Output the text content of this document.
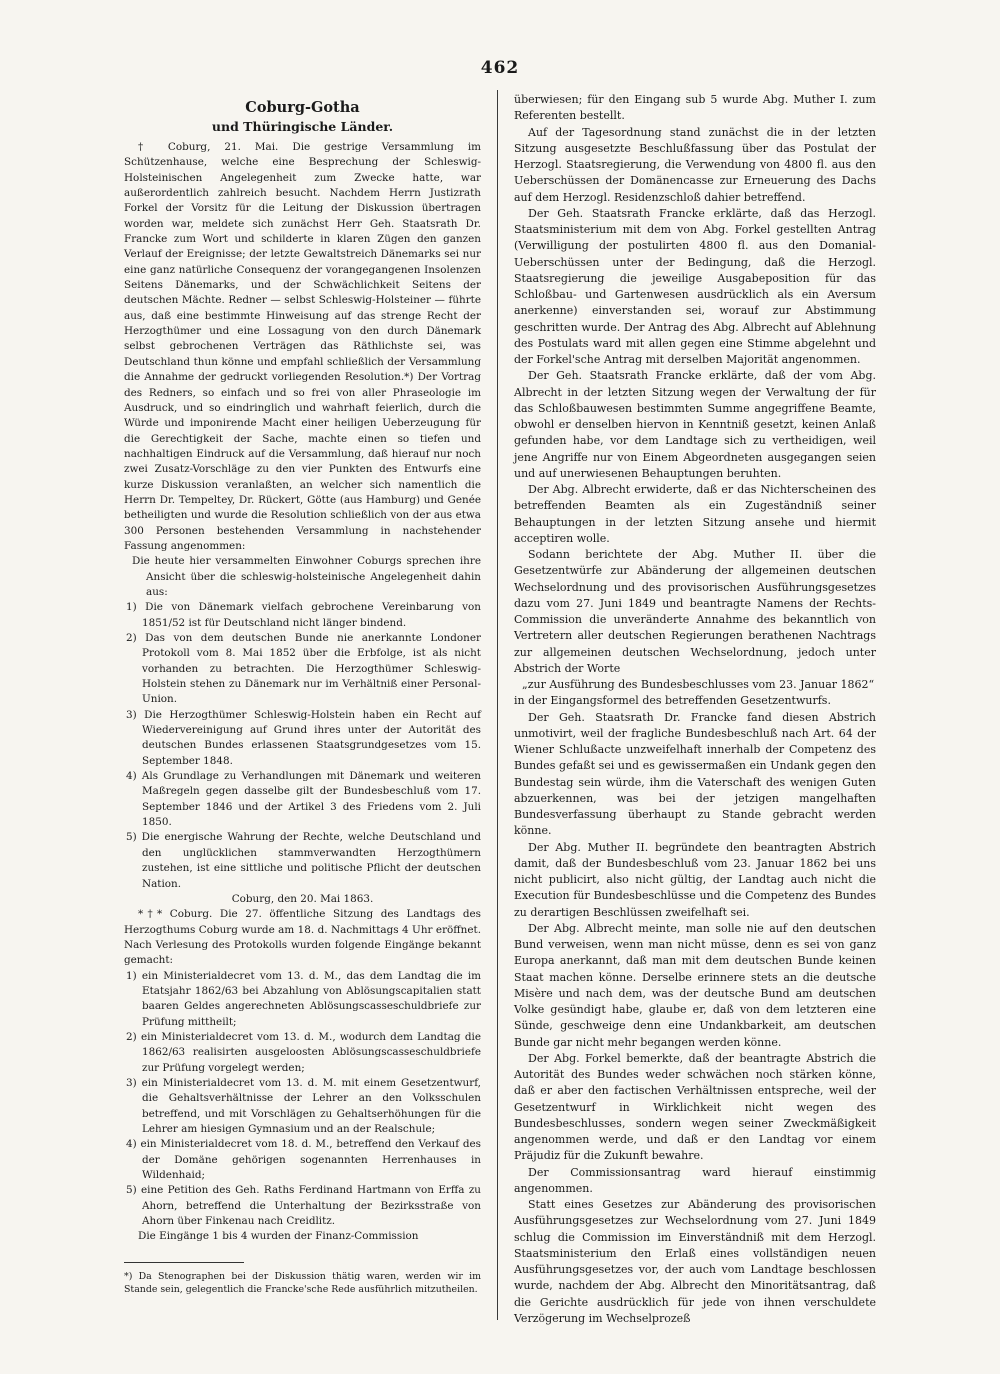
462
Coburg-Gotha
und Thüringische Länder.

† Coburg, 21. Mai. Die gestrige Versammlung im Schützenhause, welche eine Besprechung der Schleswig-Holsteinischen Angelegenheit zum Zwecke hatte, war außerordentlich zahlreich besucht. Nachdem Herrn Justizrath Forkel der Vorsitz für die Leitung der Diskussion übertragen worden war, meldete sich zunächst Herr Geh. Staatsrath Dr. Francke zum Wort und schilderte in klaren Zügen den ganzen Verlauf der Ereignisse; der letzte Gewaltstreich Dänemarks sei nur eine ganz natürliche Consequenz der vorangegangenen Insolenzen Seitens Dänemarks, und der Schwächlichkeit Seitens der deutschen Mächte. Redner — selbst Schleswig-Holsteiner — führte aus, daß eine bestimmte Hinweisung auf das strenge Recht der Herzogthümer und eine Lossagung von den durch Dänemark selbst gebrochenen Verträgen das Räthlichste sei, was Deutschland thun könne und empfahl schließlich der Versammlung die Annahme der gedruckt vorliegenden Resolution.*) Der Vortrag des Redners, so einfach und so frei von aller Phraseologie im Ausdruck, und so eindringlich und wahrhaft feierlich, durch die Würde und imponirende Macht einer heiligen Ueberzeugung für die Gerechtigkeit der Sache, machte einen so tiefen und nachhaltigen Eindruck auf die Versammlung, daß hierauf nur noch zwei Zusatz-Vorschläge zu den vier Punkten des Entwurfs eine kurze Diskussion veranlaßten, an welcher sich namentlich die Herrn Dr. Tempeltey, Dr. Rückert, Götte (aus Hamburg) und Genée betheiligten und wurde die Resolution schließlich von der aus etwa 300 Personen bestehenden Versammlung in nachstehender Fassung angenommen:

Die heute hier versammelten Einwohner Coburgs sprechen ihre Ansicht über die schleswig-holsteinische Angelegenheit dahin aus:

1) Die von Dänemark vielfach gebrochene Vereinbarung von 1851/52 ist für Deutschland nicht länger bindend.

2) Das von dem deutschen Bunde nie anerkannte Londoner Protokoll vom 8. Mai 1852 über die Erbfolge, ist als nicht vorhanden zu betrachten. Die Herzogthümer Schleswig-Holstein stehen zu Dänemark nur im Verhältniß einer Personal-Union.

3) Die Herzogthümer Schleswig-Holstein haben ein Recht auf Wiedervereinigung auf Grund ihres unter der Autorität des deutschen Bundes erlassenen Staatsgrundgesetzes vom 15. September 1848.

4) Als Grundlage zu Verhandlungen mit Dänemark und weiteren Maßregeln gegen dasselbe gilt der Bundesbeschluß vom 17. September 1846 und der Artikel 3 des Friedens vom 2. Juli 1850.

5) Die energische Wahrung der Rechte, welche Deutschland und den unglücklichen stammverwandten Herzogthümern zustehen, ist eine sittliche und politische Pflicht der deutschen Nation.

Coburg, den 20. Mai 1863.

*†* Coburg. Die 27. öffentliche Sitzung des Landtags des Herzogthums Coburg wurde am 18. d. Nachmittags 4 Uhr eröffnet. Nach Verlesung des Protokolls wurden folgende Eingänge bekannt gemacht:

1) ein Ministerialdecret vom 13. d. M., das dem Landtag die im Etatsjahr 1862/63 bei Abzahlung von Ablösungscapitalien statt baaren Geldes angerechneten Ablösungscasseschuldbriefe zur Prüfung mittheilt;

2) ein Ministerialdecret vom 13. d. M., wodurch dem Landtag die 1862/63 realisirten ausgeloosten Ablösungscasseschuldbriefe zur Prüfung vorgelegt werden;

3) ein Ministerialdecret vom 13. d. M. mit einem Gesetzentwurf, die Gehaltsverhältnisse der Lehrer an den Volksschulen betreffend, und mit Vorschlägen zu Gehaltserhöhungen für die Lehrer am hiesigen Gymnasium und an der Realschule;

4) ein Ministerialdecret vom 18. d. M., betreffend den Verkauf des der Domäne gehörigen sogenannten Herrenhauses in Wildenhaid;

5) eine Petition des Geh. Raths Ferdinand Hartmann von Erffa zu Ahorn, betreffend die Unterhaltung der Bezirksstraße von Ahorn über Finkenau nach Creidlitz.

Die Eingänge 1 bis 4 wurden der Finanz-Commission

überwiesen; für den Eingang sub 5 wurde Abg. Muther I. zum Referenten bestellt.

Auf der Tagesordnung stand zunächst die in der letzten Sitzung ausgesetzte Beschlußfassung über das Postulat der Herzogl. Staatsregierung, die Verwendung von 4800 fl. aus den Ueberschüssen der Domänencasse zur Erneuerung des Dachs auf dem Herzogl. Residenzschloß dahier betreffend.

Der Geh. Staatsrath Francke erklärte, daß das Herzogl. Staatsministerium mit dem von Abg. Forkel gestellten Antrag (Verwilligung der postulirten 4800 fl. aus den Domanial-Ueberschüssen unter der Bedingung, daß die Herzogl. Staatsregierung die jeweilige Ausgabeposition für das Schloßbau- und Gartenwesen ausdrücklich als ein Aversum anerkenne) einverstanden sei, worauf zur Abstimmung geschritten wurde. Der Antrag des Abg. Albrecht auf Ablehnung des Postulats ward mit allen gegen eine Stimme abgelehnt und der Forkel'sche Antrag mit derselben Majorität angenommen.

Der Geh. Staatsrath Francke erklärte, daß der vom Abg. Albrecht in der letzten Sitzung wegen der Verwaltung der für das Schloßbauwesen bestimmten Summe angegriffene Beamte, obwohl er denselben hiervon in Kenntniß gesetzt, keinen Anlaß gefunden habe, vor dem Landtage sich zu vertheidigen, weil jene Angriffe nur von Einem Abgeordneten ausgegangen seien und auf unerwiesenen Behauptungen beruhten.

Der Abg. Albrecht erwiderte, daß er das Nichterscheinen des betreffenden Beamten als ein Zugeständniß seiner Behauptungen in der letzten Sitzung ansehe und hiermit acceptiren wolle.

Sodann berichtete der Abg. Muther II. über die Gesetzentwürfe zur Abänderung der allgemeinen deutschen Wechselordnung und des provisorischen Ausführungsgesetzes dazu vom 27. Juni 1849 und beantragte Namens der Rechts-Commission die unveränderte Annahme des bekanntlich von Vertretern aller deutschen Regierungen berathenen Nachtrags zur allgemeinen deutschen Wechselordnung, jedoch unter Abstrich der Worte

„zur Ausführung des Bundesbeschlusses vom 23. Januar 1862“

in der Eingangsformel des betreffenden Gesetzentwurfs.

Der Geh. Staatsrath Dr. Francke fand diesen Abstrich unmotivirt, weil der fragliche Bundesbeschluß nach Art. 64 der Wiener Schlußacte unzweifelhaft innerhalb der Competenz des Bundes gefaßt sei und es gewissermaßen ein Undank gegen den Bundestag sein würde, ihm die Vaterschaft des wenigen Guten abzuerkennen, was bei der jetzigen mangelhaften Bundesverfassung überhaupt zu Stande gebracht werden könne.

Der Abg. Muther II. begründete den beantragten Abstrich damit, daß der Bundesbeschluß vom 23. Januar 1862 bei uns nicht publicirt, also nicht gültig, der Landtag auch nicht die Execution für Bundesbeschlüsse und die Competenz des Bundes zu derartigen Beschlüssen zweifelhaft sei.

Der Abg. Albrecht meinte, man solle nie auf den deutschen Bund verweisen, wenn man nicht müsse, denn es sei von ganz Europa anerkannt, daß man mit dem deutschen Bunde keinen Staat machen könne. Derselbe erinnere stets an die deutsche Misère und nach dem, was der deutsche Bund am deutschen Volke gesündigt habe, glaube er, daß von dem letzteren eine Sünde, geschweige denn eine Undankbarkeit, am deutschen Bunde gar nicht mehr begangen werden könne.

Der Abg. Forkel bemerkte, daß der beantragte Abstrich die Autorität des Bundes weder schwächen noch stärken könne, daß er aber den factischen Verhältnissen entspreche, weil der Gesetzentwurf in Wirklichkeit nicht wegen des Bundesbeschlusses, sondern wegen seiner Zweckmäßigkeit angenommen werde, und daß er den Landtag vor einem Präjudiz für die Zukunft bewahre.

Der Commissionsantrag ward hierauf einstimmig angenommen.

Statt eines Gesetzes zur Abänderung des provisorischen Ausführungsgesetzes zur Wechselordnung vom 27. Juni 1849 schlug die Commission im Einverständniß mit dem Herzogl. Staatsministerium den Erlaß eines vollständigen neuen Ausführungsgesetzes vor, der auch vom Landtage beschlossen wurde, nachdem der Abg. Albrecht den Minoritätsantrag, daß die Gerichte ausdrücklich für jede von ihnen verschuldete Verzögerung im Wechselprozeß

*) Da Stenographen bei der Diskussion thätig waren, werden wir im Stande sein, gelegentlich die Francke'sche Rede ausführlich mitzutheilen.
